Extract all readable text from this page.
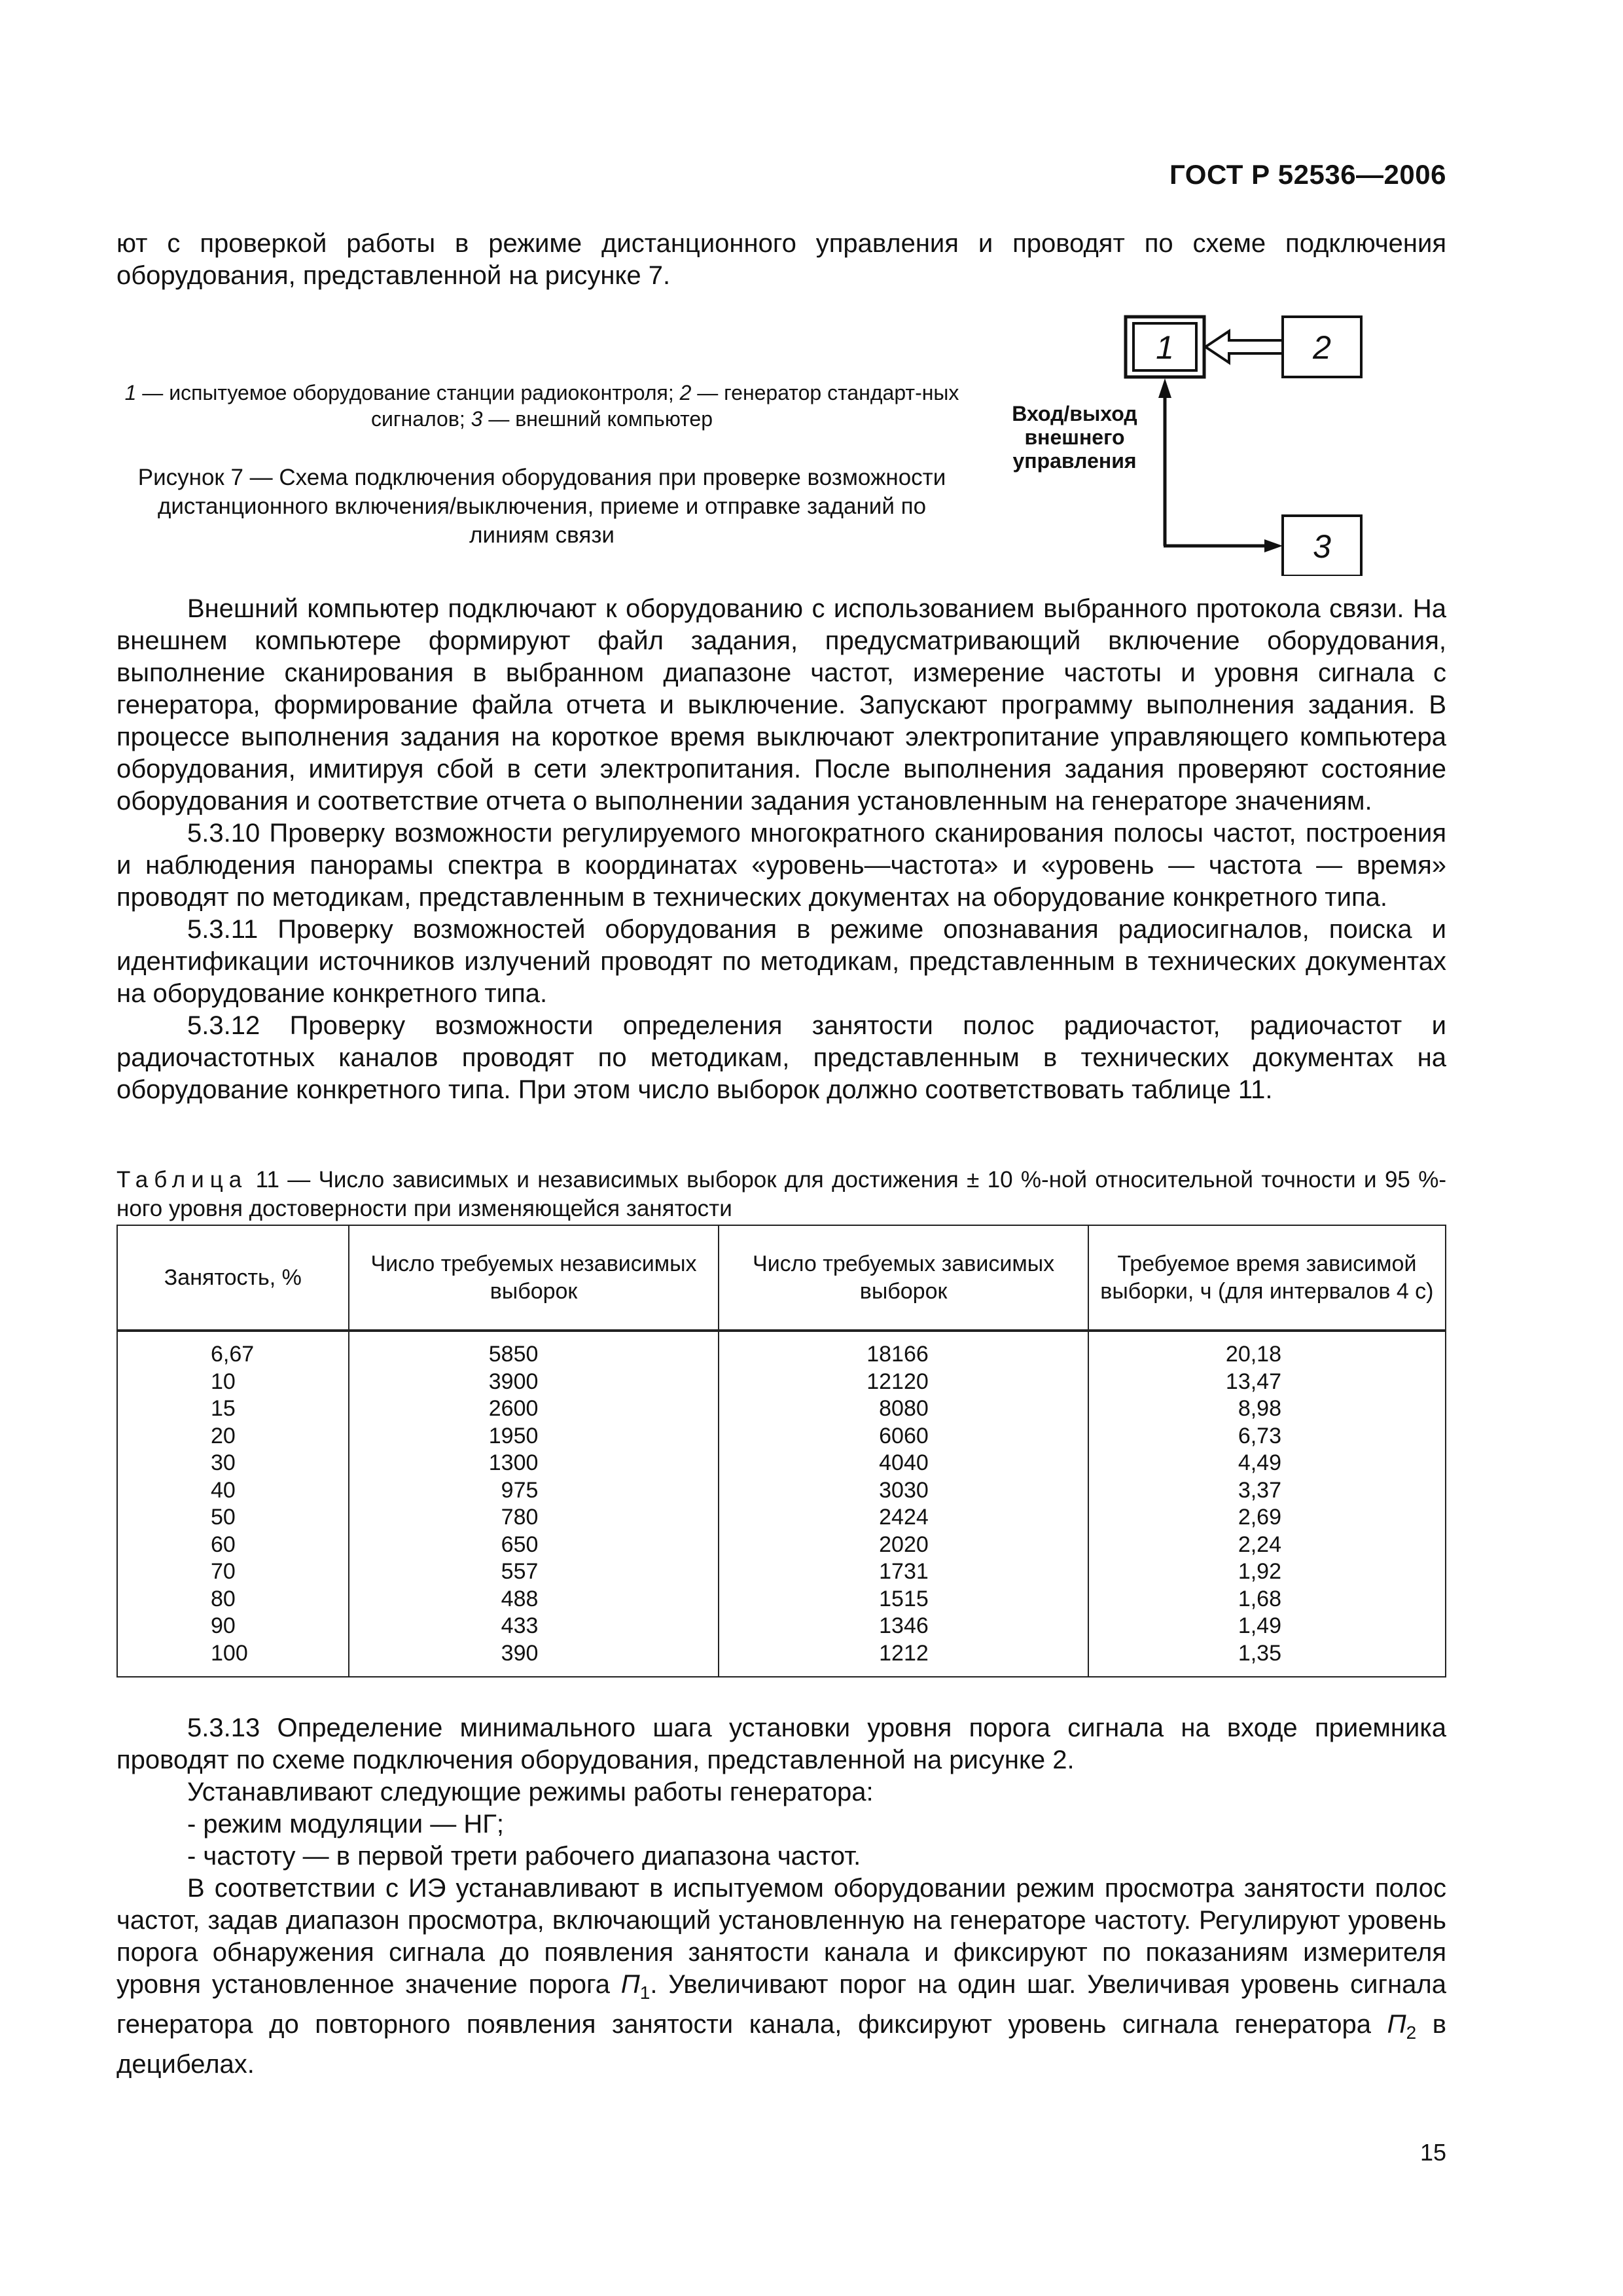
ГОСТ Р 52536—2006

ют с проверкой работы в режиме дистанционного управления и проводят по схеме подключения оборудования, представленной на рисунке 7.

1 — испытуемое оборудование станции радиоконтроля; 2 — генератор стандарт-ных сигналов; 3 — внешний компьютер
Рисунок 7 — Схема подключения оборудования при проверке возможности дистанционного включения/выключения, приеме и отправке заданий по линиям связи
1	2
3
Вход/выход
внешнего
управления

Внешний компьютер подключают к оборудованию с использованием выбранного протокола связи. На внешнем компьютере формируют файл задания, предусматривающий включение оборудования, выполнение сканирования в выбранном диапазоне частот, измерение частоты и уровня сигнала с генератора, формирование файла отчета и выключение. Запускают программу выполнения задания. В процессе выполнения задания на короткое время выключают электропитание управляющего компьютера оборудования, имитируя сбой в сети электропитания. После выполнения задания проверяют состояние оборудования и соответствие отчета о выполнении задания установленным на генераторе значениям.

5.3.10 Проверку возможности регулируемого многократного сканирования полосы частот, построения и наблюдения панорамы спектра в координатах «уровень—частота» и «уровень — частота — время» проводят по методикам, представленным в технических документах на оборудование конкретного типа.

5.3.11 Проверку возможностей оборудования в режиме опознавания радиосигналов, поиска и идентификации источников излучений проводят по методикам, представленным в технических документах на оборудование конкретного типа.

5.3.12 Проверку возможности определения занятости полос радиочастот, радиочастот и радиочастотных каналов проводят по методикам, представленным в технических документах на оборудование конкретного типа. При этом число выборок должно соответствовать таблице 11.

Таблица 11 — Число зависимых и независимых выборок для достижения ± 10 %-ной относительной точности и 95 %-ного уровня достоверности при изменяющейся занятости
Занятость, %	Число требуемых независимых выборок	Число требуемых зависимых выборок	Требуемое время зависимой выборки, ч (для интервалов 4 с)
6,67	5850	18166	20,18
10	3900	12120	13,47
15	2600	8080	8,98
20	1950	6060	6,73
30	1300	4040	4,49
40	975	3030	3,37
50	780	2424	2,69
60	650	2020	2,24
70	557	1731	1,92
80	488	1515	1,68
90	433	1346	1,49
100	390	1212	1,35

5.3.13 Определение минимального шага установки уровня порога сигнала на входе приемника проводят по схеме подключения оборудования, представленной на рисунке 2.

Устанавливают следующие режимы работы генератора:

- режим модуляции — НГ;

- частоту — в первой трети рабочего диапазона частот.

В соответствии с ИЭ устанавливают в испытуемом оборудовании режим просмотра занятости полос частот, задав диапазон просмотра, включающий установленную на генераторе частоту. Регулируют уровень порога обнаружения сигнала до появления занятости канала и фиксируют по показаниям измерителя уровня установленное значение порога $П_1$. Увеличивают порог на один шаг. Увеличивая уровень сигнала генератора до повторного появления занятости канала, фиксируют уровень сигнала генератора $П_2$ в децибелах.

15
